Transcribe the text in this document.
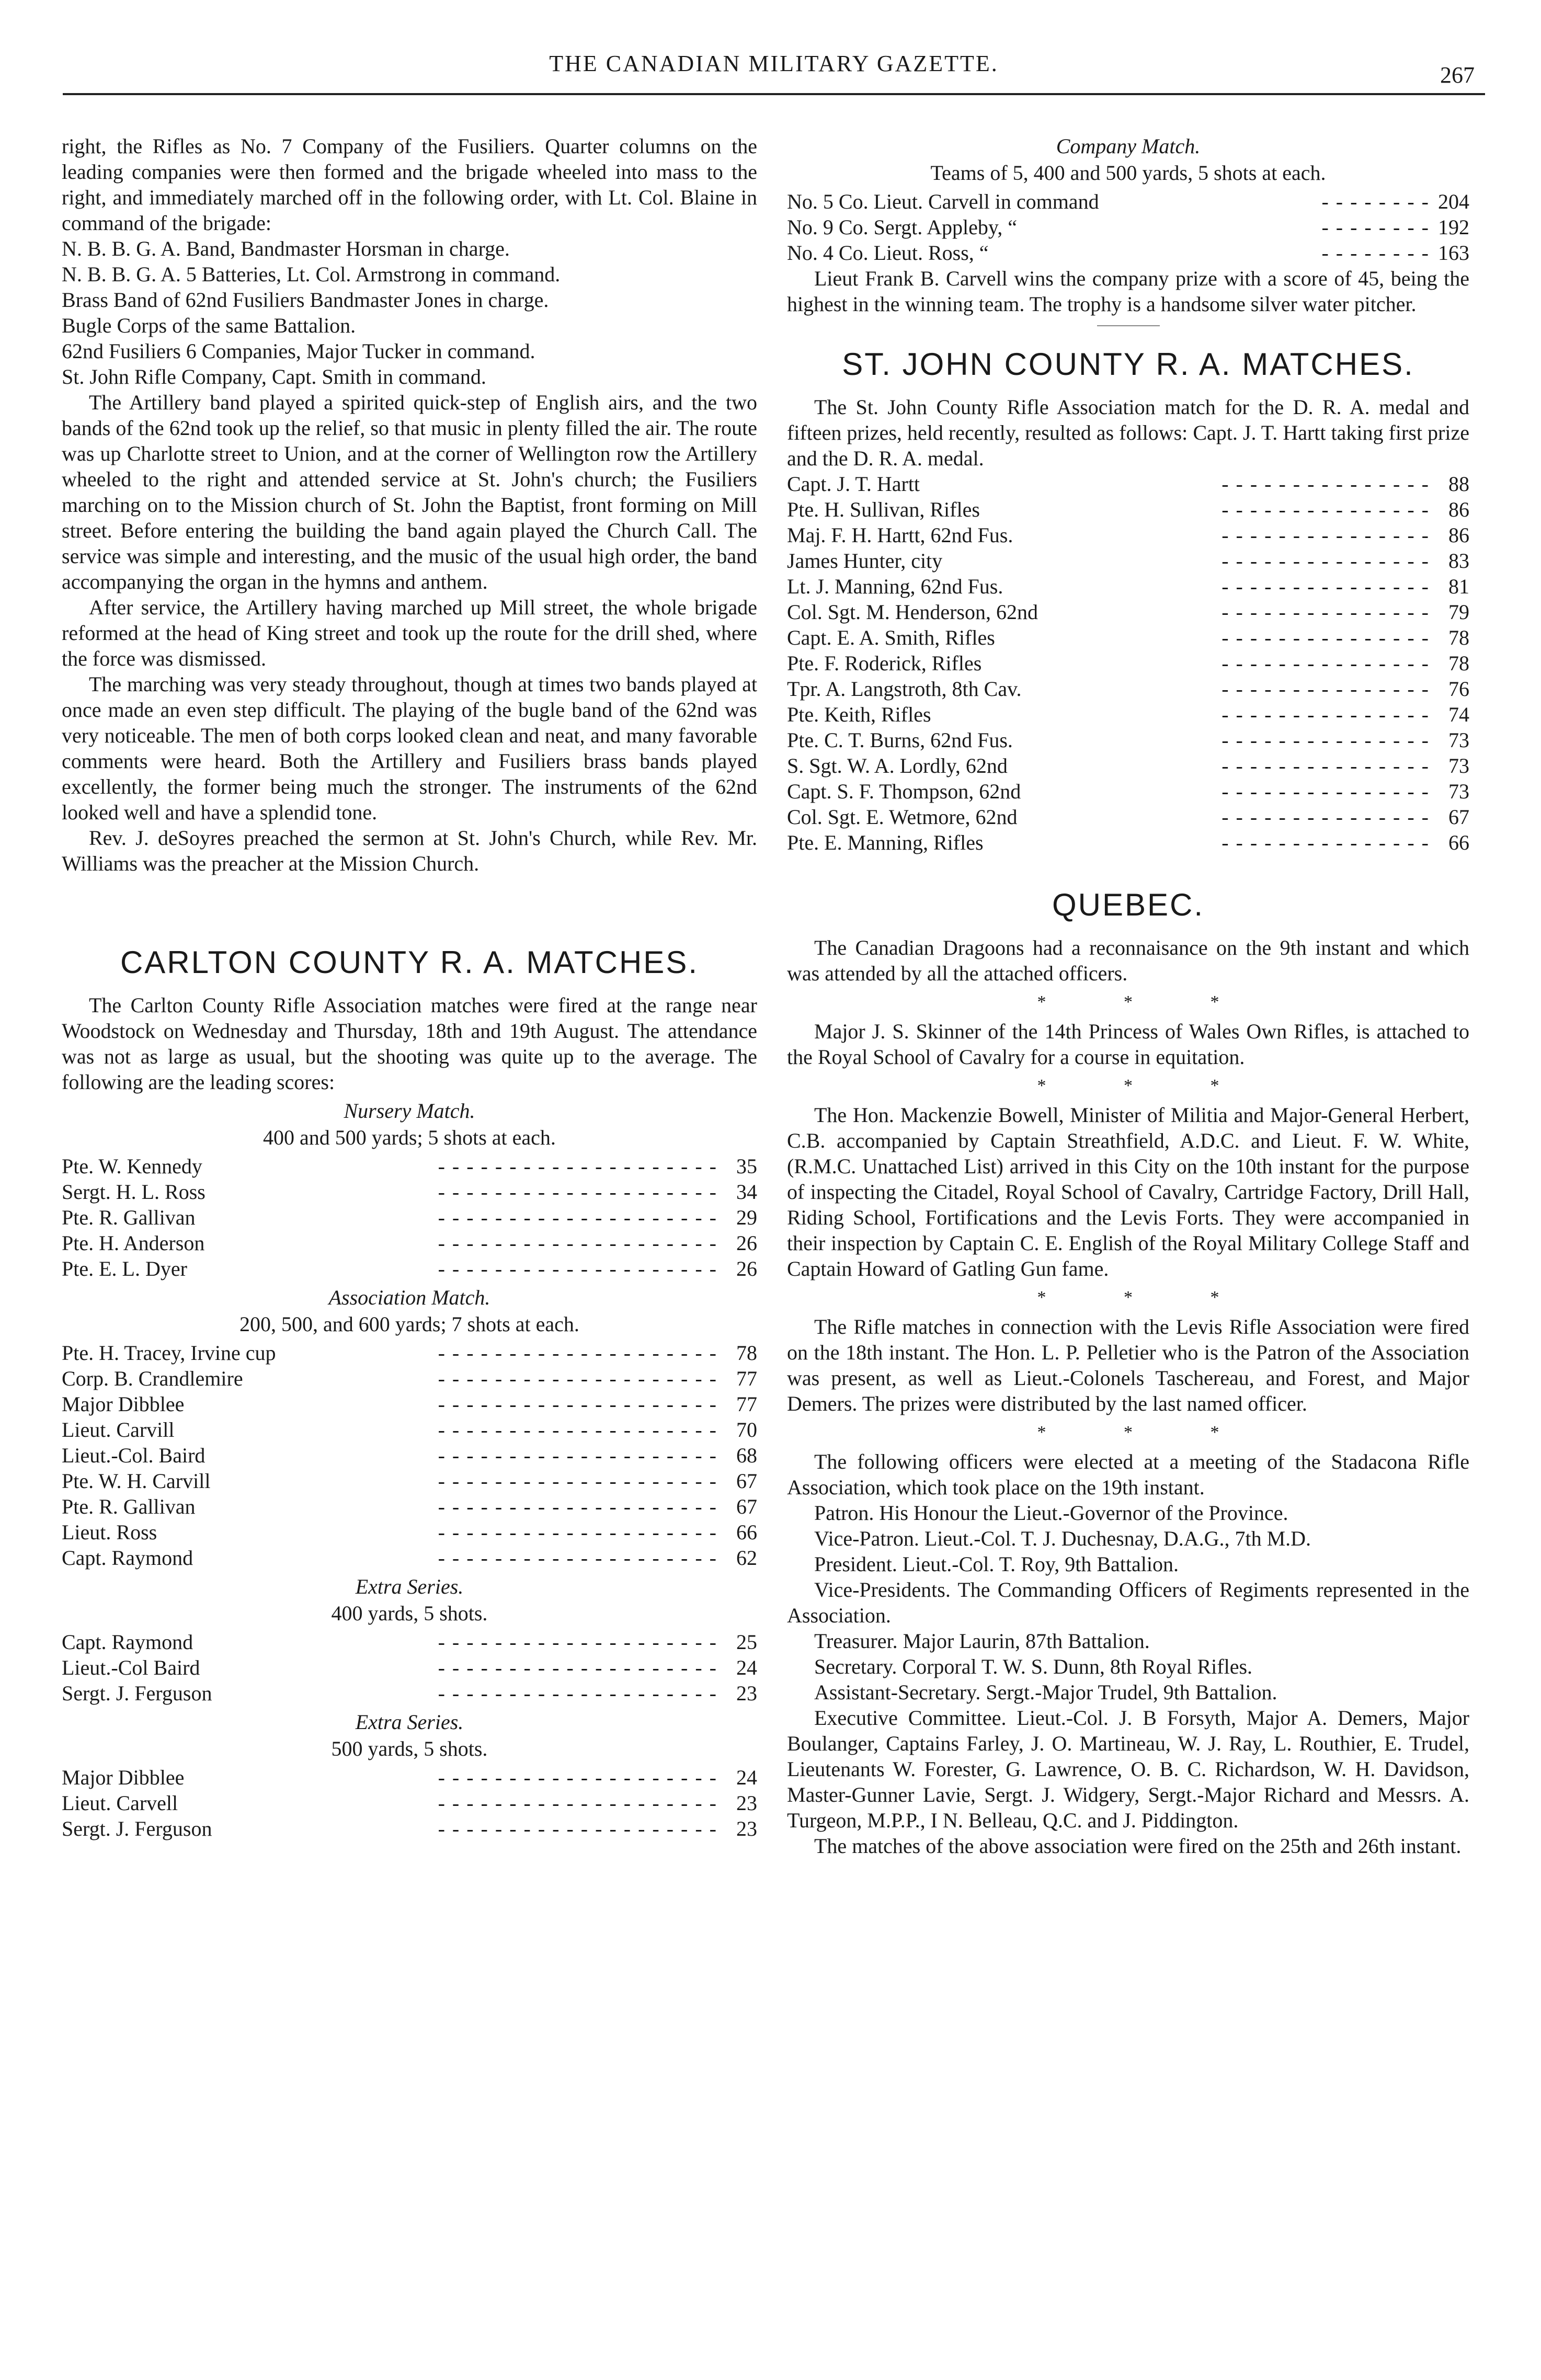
THE CANADIAN MILITARY GAZETTE.	267

right, the Rifles as No. 7 Company of the Fusiliers. Quarter columns on the leading companies were then formed and the brigade wheeled into mass to the right, and immediately marched off in the following order, with Lt. Col. Blaine in command of the brigade:

N. B. B. G. A. Band, Bandmaster Horsman in charge.
N. B. B. G. A. 5 Batteries, Lt. Col. Armstrong in command.
Brass Band of 62nd Fusiliers Bandmaster Jones in charge.
Bugle Corps of the same Battalion.
62nd Fusiliers 6 Companies, Major Tucker in command.
St. John Rifle Company, Capt. Smith in command.

The Artillery band played a spirited quick-step of English airs, and the two bands of the 62nd took up the relief, so that music in plenty filled the air. The route was up Charlotte street to Union, and at the corner of Wellington row the Artillery wheeled to the right and attended service at St. John's church; the Fusiliers marching on to the Mission church of St. John the Baptist, front forming on Mill street. Before entering the building the band again played the Church Call. The service was simple and interesting, and the music of the usual high order, the band accompanying the organ in the hymns and anthem.

After service, the Artillery having marched up Mill street, the whole brigade reformed at the head of King street and took up the route for the drill shed, where the force was dismissed.

The marching was very steady throughout, though at times two bands played at once made an even step difficult. The playing of the bugle band of the 62nd was very noticeable. The men of both corps looked clean and neat, and many favorable comments were heard. Both the Artillery and Fusiliers brass bands played excellently, the former being much the stronger. The instruments of the 62nd looked well and have a splendid tone.

Rev. J. deSoyres preached the sermon at St. John's Church, while Rev. Mr. Williams was the preacher at the Mission Church.

CARLTON COUNTY R. A. MATCHES.

The Carlton County Rifle Association matches were fired at the range near Woodstock on Wednesday and Thursday, 18th and 19th August. The attendance was not as large as usual, but the shooting was quite up to the average. The following are the leading scores:

Nursery Match.
400 and 500 yards; 5 shots at each.
Pte. W. Kennedy	- - - - - - - - - - - - - - - - - - - - 35
Sergt. H. L. Ross	- - - - - - - - - - - - - - - - - - - - 34
Pte. R. Gallivan	- - - - - - - - - - - - - - - - - - - - 29
Pte. H. Anderson	- - - - - - - - - - - - - - - - - - - - 26
Pte. E. L. Dyer	- - - - - - - - - - - - - - - - - - - - 26
Association Match.
200, 500, and 600 yards; 7 shots at each.
Pte. H. Tracey, Irvine cup	- - - - - - - - - - - - - - - - - - - - 78
Corp. B. Crandlemire	- - - - - - - - - - - - - - - - - - - - 77
Major Dibblee	- - - - - - - - - - - - - - - - - - - - 77
Lieut. Carvill	- - - - - - - - - - - - - - - - - - - - 70
Lieut.-Col. Baird	- - - - - - - - - - - - - - - - - - - - 68
Pte. W. H. Carvill	- - - - - - - - - - - - - - - - - - - - 67
Pte. R. Gallivan	- - - - - - - - - - - - - - - - - - - - 67
Lieut. Ross	- - - - - - - - - - - - - - - - - - - - 66
Capt. Raymond	- - - - - - - - - - - - - - - - - - - - 62
Extra Series.
400 yards, 5 shots.
Capt. Raymond	- - - - - - - - - - - - - - - - - - - - 25
Lieut.-Col Baird	- - - - - - - - - - - - - - - - - - - - 24
Sergt. J. Ferguson	- - - - - - - - - - - - - - - - - - - - 23
Extra Series.
500 yards, 5 shots.
Major Dibblee	- - - - - - - - - - - - - - - - - - - - 24
Lieut. Carvell	- - - - - - - - - - - - - - - - - - - - 23
Sergt. J. Ferguson	- - - - - - - - - - - - - - - - - - - - 23
Company Match.
Teams of 5, 400 and 500 yards, 5 shots at each.
No. 5 Co. Lieut. Carvell in command	- - - - - - - - 204
No. 9 Co. Sergt. Appleby, “	- - - - - - - - 192
No. 4 Co. Lieut. Ross, “	- - - - - - - - 163

Lieut Frank B. Carvell wins the company prize with a score of 45, being the highest in the winning team. The trophy is a handsome silver water pitcher.

ST. JOHN COUNTY R. A. MATCHES.

The St. John County Rifle Association match for the D. R. A. medal and fifteen prizes, held recently, resulted as follows: Capt. J. T. Hartt taking first prize and the D. R. A. medal.

Capt. J. T. Hartt	- - - - - - - - - - - - - - - 88
Pte. H. Sullivan, Rifles	- - - - - - - - - - - - - - - 86
Maj. F. H. Hartt, 62nd Fus.	- - - - - - - - - - - - - - - 86
James Hunter, city	- - - - - - - - - - - - - - - 83
Lt. J. Manning, 62nd Fus.	- - - - - - - - - - - - - - - 81
Col. Sgt. M. Henderson, 62nd	- - - - - - - - - - - - - - - 79
Capt. E. A. Smith, Rifles	- - - - - - - - - - - - - - - 78
Pte. F. Roderick, Rifles	- - - - - - - - - - - - - - - 78
Tpr. A. Langstroth, 8th Cav.	- - - - - - - - - - - - - - - 76
Pte. Keith, Rifles	- - - - - - - - - - - - - - - 74
Pte. C. T. Burns, 62nd Fus.	- - - - - - - - - - - - - - - 73
S. Sgt. W. A. Lordly, 62nd	- - - - - - - - - - - - - - - 73
Capt. S. F. Thompson, 62nd	- - - - - - - - - - - - - - - 73
Col. Sgt. E. Wetmore, 62nd	- - - - - - - - - - - - - - - 67
Pte. E. Manning, Rifles	- - - - - - - - - - - - - - - 66
QUEBEC.

The Canadian Dragoons had a reconnaisance on the 9th instant and which was attended by all the attached officers.

* * *

Major J. S. Skinner of the 14th Princess of Wales Own Rifles, is attached to the Royal School of Cavalry for a course in equitation.

* * *

The Hon. Mackenzie Bowell, Minister of Militia and Major-General Herbert, C.B. accompanied by Captain Streathfield, A.D.C. and Lieut. F. W. White, (R.M.C. Unattached List) arrived in this City on the 10th instant for the purpose of inspecting the Citadel, Royal School of Cavalry, Cartridge Factory, Drill Hall, Riding School, Fortifications and the Levis Forts. They were accompanied in their inspection by Captain C. E. English of the Royal Military College Staff and Captain Howard of Gatling Gun fame.

* * *

The Rifle matches in connection with the Levis Rifle Association were fired on the 18th instant. The Hon. L. P. Pelletier who is the Patron of the Association was present, as well as Lieut.-Colonels Taschereau, and Forest, and Major Demers. The prizes were distributed by the last named officer.

* * *

The following officers were elected at a meeting of the Stadacona Rifle Association, which took place on the 19th instant.

Patron. His Honour the Lieut.-Governor of the Province.

Vice-Patron. Lieut.-Col. T. J. Duchesnay, D.A.G., 7th M.D.

President. Lieut.-Col. T. Roy, 9th Battalion.

Vice-Presidents. The Commanding Officers of Regiments represented in the Association.

Treasurer. Major Laurin, 87th Battalion.

Secretary. Corporal T. W. S. Dunn, 8th Royal Rifles.

Assistant-Secretary. Sergt.-Major Trudel, 9th Battalion.

Executive Committee. Lieut.-Col. J. B Forsyth, Major A. Demers, Major Boulanger, Captains Farley, J. O. Martineau, W. J. Ray, L. Routhier, E. Trudel, Lieutenants W. Forester, G. Lawrence, O. B. C. Richardson, W. H. Davidson, Master-Gunner Lavie, Sergt. J. Widgery, Sergt.-Major Richard and Messrs. A. Turgeon, M.P.P., I N. Belleau, Q.C. and J. Piddington.

The matches of the above association were fired on the 25th and 26th instant.
